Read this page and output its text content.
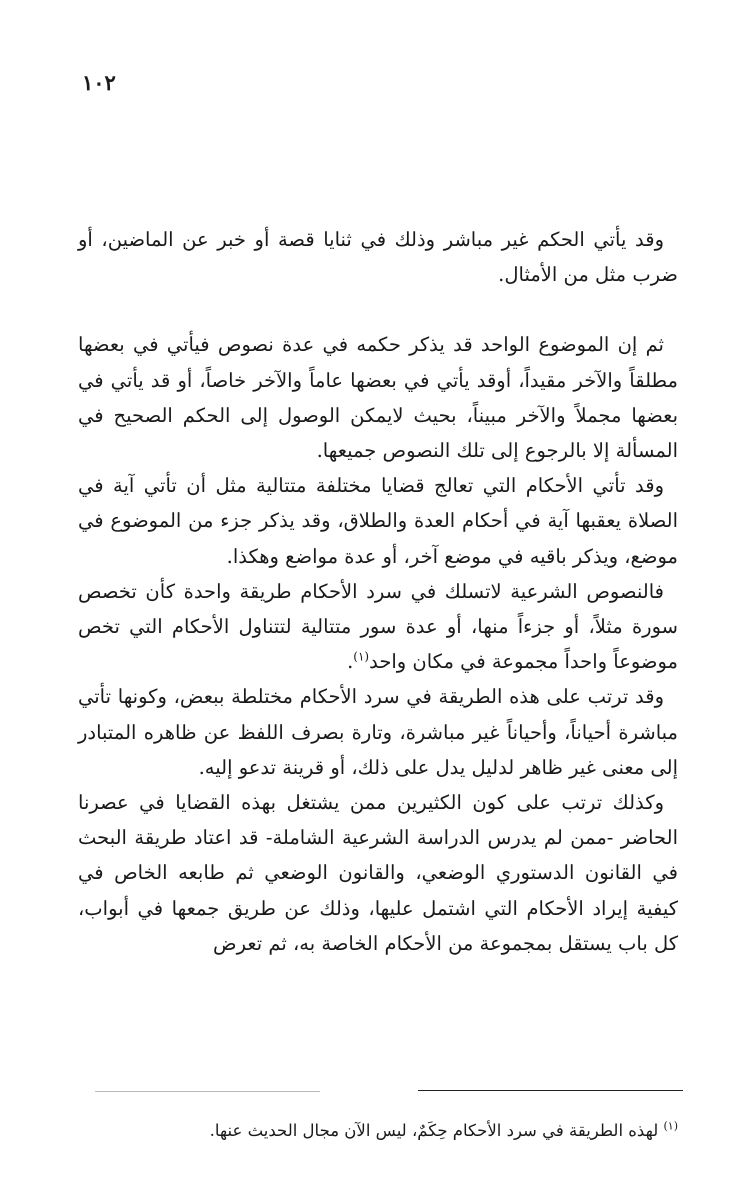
١٠٢

وقد يأتي الحكم غير مباشر وذلك في ثنايا قصة أو خبر عن الماضين، أو ضرب مثل من الأمثال.

ثم إن الموضوع الواحد قد يذكر حكمه في عدة نصوص فيأتي في بعضها مطلقاً والآخر مقيداً، أوقد يأتي في بعضها عاماً والآخر خاصاً، أو قد يأتي في بعضها مجملاً والآخر مبيناً، بحيث لايمكن الوصول إلى الحكم الصحيح في المسألة إلا بالرجوع إلى تلك النصوص جميعها.

وقد تأتي الأحكام التي تعالج قضايا مختلفة متتالية مثل أن تأتي آية في الصلاة يعقبها آية في أحكام العدة والطلاق، وقد يذكر جزء من الموضوع في موضع، ويذكر باقيه في موضع آخر، أو عدة مواضع وهكذا.

فالنصوص الشرعية لاتسلك في سرد الأحكام طريقة واحدة كأن تخصص سورة مثلاً، أو جزءاً منها، أو عدة سور متتالية لتتناول الأحكام التي تخص موضوعاً واحداً مجموعة في مكان واحد$^{(١)}$.

وقد ترتب على هذه الطريقة في سرد الأحكام مختلطة ببعض، وكونها تأتي مباشرة أحياناً، وأحياناً غير مباشرة، وتارة بصرف اللفظ عن ظاهره المتبادر إلى معنى غير ظاهر لدليل يدل على ذلك، أو قرينة تدعو إليه.

وكذلك ترتب على كون الكثيرين ممن يشتغل بهذه القضايا في عصرنا الحاضر -ممن لم يدرس الدراسة الشرعية الشاملة- قد اعتاد طريقة البحث في القانون الدستوري الوضعي، والقانون الوضعي ثم طابعه الخاص في كيفية إيراد الأحكام التي اشتمل عليها، وذلك عن طريق جمعها في أبواب، كل باب يستقل بمجموعة من الأحكام الخاصة به، ثم تعرض

$^{(١)}$ لهذه الطريقة في سرد الأحكام حِكَمٌ، ليس الآن مجال الحديث عنها.
